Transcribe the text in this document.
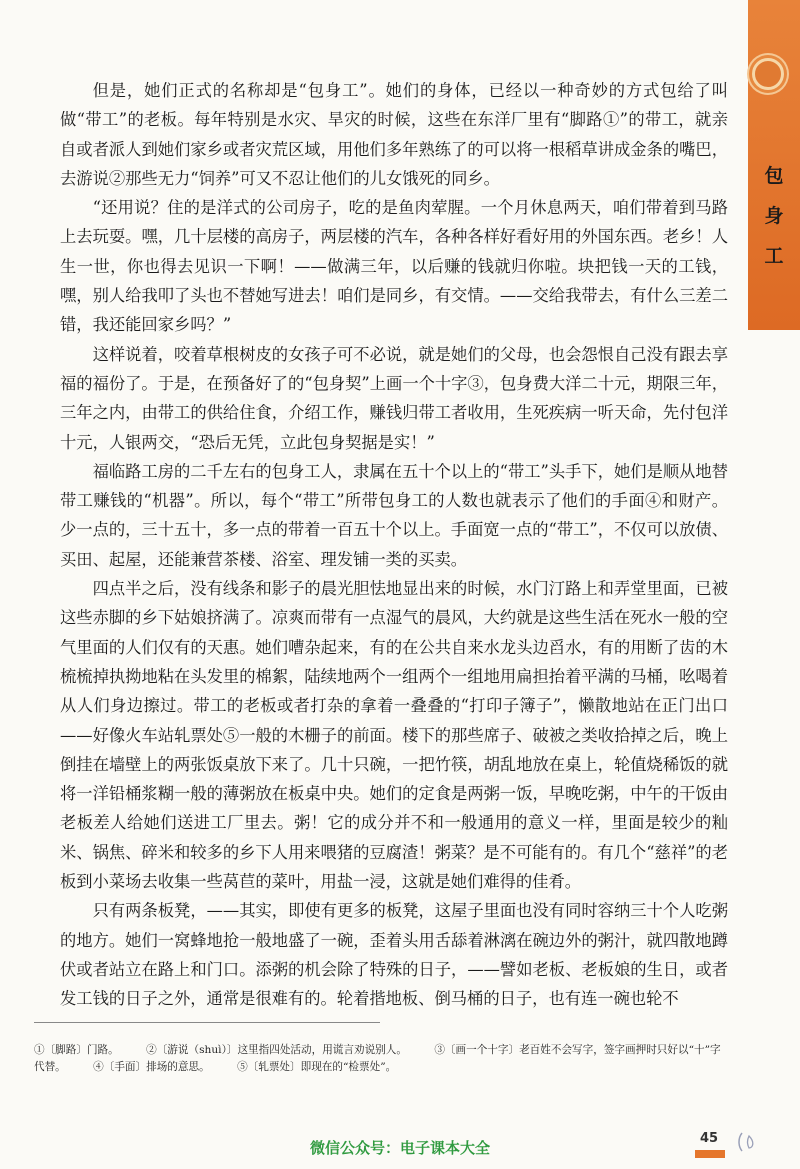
包
身
工

但是，她们正式的名称却是“包身工”。她们的身体，已经以一种奇妙的方式包给了叫做“带工”的老板。每年特别是水灾、旱灾的时候，这些在东洋厂里有“脚路①”的带工，就亲自或者派人到她们家乡或者灾荒区域，用他们多年熟练了的可以将一根稻草讲成金条的嘴巴，去游说②那些无力“饲养”可又不忍让他们的儿女饿死的同乡。

“还用说？住的是洋式的公司房子，吃的是鱼肉荤腥。一个月休息两天，咱们带着到马路上去玩耍。嘿，几十层楼的高房子，两层楼的汽车，各种各样好看好用的外国东西。老乡！人生一世，你也得去见识一下啊！——做满三年，以后赚的钱就归你啦。块把钱一天的工钱，嘿，别人给我叩了头也不替她写进去！咱们是同乡，有交情。——交给我带去，有什么三差二错，我还能回家乡吗？”

这样说着，咬着草根树皮的女孩子可不必说，就是她们的父母，也会怨恨自己没有跟去享福的福份了。于是，在预备好了的“包身契”上画一个十字③，包身费大洋二十元，期限三年，三年之内，由带工的供给住食，介绍工作，赚钱归带工者收用，生死疾病一听天命，先付包洋十元，人银两交，“恐后无凭，立此包身契据是实！”

福临路工房的二千左右的包身工人，隶属在五十个以上的“带工”头手下，她们是顺从地替带工赚钱的“机器”。所以，每个“带工”所带包身工的人数也就表示了他们的手面④和财产。少一点的，三十五十，多一点的带着一百五十个以上。手面宽一点的“带工”，不仅可以放债、买田、起屋，还能兼营茶楼、浴室、理发铺一类的买卖。

四点半之后，没有线条和影子的晨光胆怯地显出来的时候，水门汀路上和弄堂里面，已被这些赤脚的乡下姑娘挤满了。凉爽而带有一点湿气的晨风，大约就是这些生活在死水一般的空气里面的人们仅有的天惠。她们嘈杂起来，有的在公共自来水龙头边舀水，有的用断了齿的木梳梳掉执拗地粘在头发里的棉絮，陆续地两个一组两个一组地用扁担抬着平满的马桶，吆喝着从人们身边擦过。带工的老板或者打杂的拿着一叠叠的“打印子簿子”，懒散地站在正门出口——好像火车站轧票处⑤一般的木栅子的前面。楼下的那些席子、破被之类收拾掉之后，晚上倒挂在墙壁上的两张饭桌放下来了。几十只碗，一把竹筷，胡乱地放在桌上，轮值烧稀饭的就将一洋铅桶浆糊一般的薄粥放在板桌中央。她们的定食是两粥一饭，早晚吃粥，中午的干饭由老板差人给她们送进工厂里去。粥！它的成分并不和一般通用的意义一样，里面是较少的籼米、锅焦、碎米和较多的乡下人用来喂猪的豆腐渣！粥菜？是不可能有的。有几个“慈祥”的老板到小菜场去收集一些莴苣的菜叶，用盐一浸，这就是她们难得的佳肴。

只有两条板凳，——其实，即使有更多的板凳，这屋子里面也没有同时容纳三十个人吃粥的地方。她们一窝蜂地抢一般地盛了一碗，歪着头用舌舔着淋漓在碗边外的粥汁，就四散地蹲伏或者站立在路上和门口。添粥的机会除了特殊的日子，——譬如老板、老板娘的生日，或者发工钱的日子之外，通常是很难有的。轮着揩地板、倒马桶的日子，也有连一碗也轮不

①〔脚路〕门路。	②〔游说（shuì）〕这里指四处活动，用谎言劝说别人。	③〔画一个十字〕老百姓不会写字，签字画押时只好以“十”字代替。	④〔手面〕排场的意思。	⑤〔轧票处〕即现在的“检票处”。
微信公众号：电子课本大全
45
